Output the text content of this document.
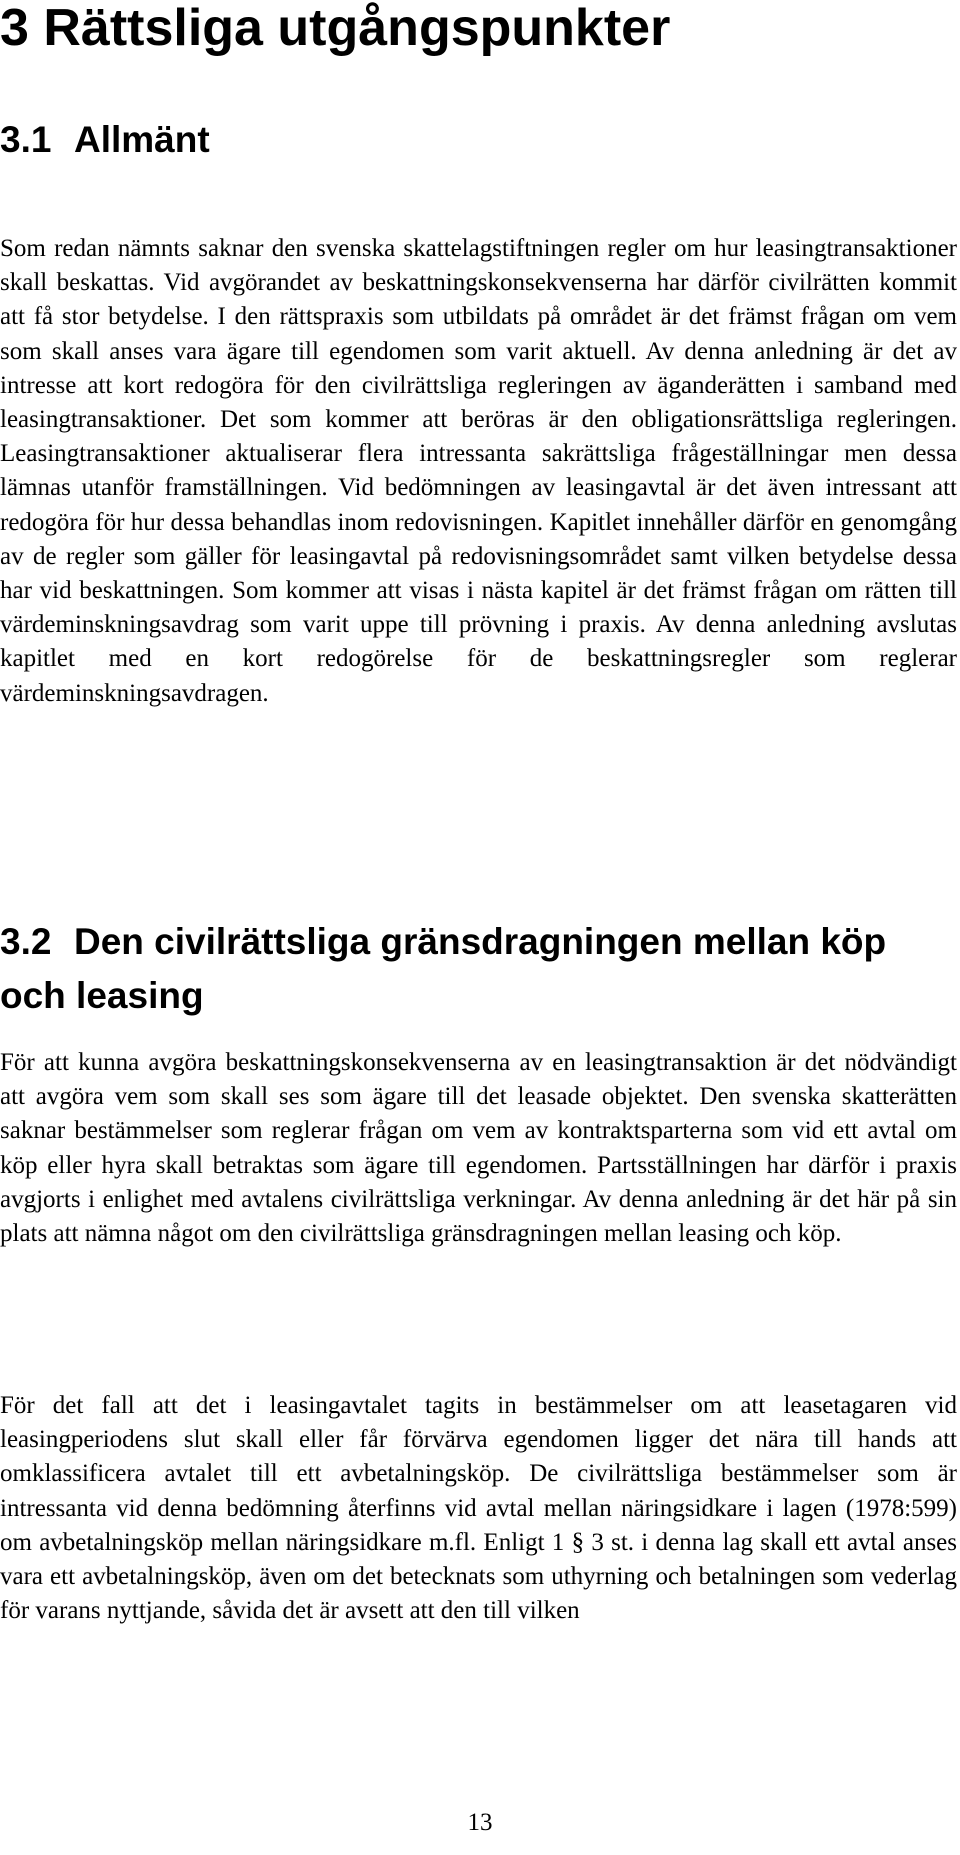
3 Rättsliga utgångspunkter
3.1 Allmänt

Som redan nämnts saknar den svenska skattelagstiftningen regler om hur leasingtransaktioner skall beskattas. Vid avgörandet av beskattningskonsekvenserna har därför civilrätten kommit att få stor betydelse. I den rättspraxis som utbildats på området är det främst frågan om vem som skall anses vara ägare till egendomen som varit aktuell. Av denna anledning är det av intresse att kort redogöra för den civilrättsliga regleringen av äganderätten i samband med leasingtransaktioner. Det som kommer att beröras är den obligationsrättsliga regleringen. Leasingtransaktioner aktualiserar flera intressanta sakrättsliga frågeställningar men dessa lämnas utanför framställningen. Vid bedömningen av leasingavtal är det även intressant att redogöra för hur dessa behandlas inom redovisningen. Kapitlet innehåller därför en genomgång av de regler som gäller för leasingavtal på redovisningsområdet samt vilken betydelse dessa har vid beskattningen. Som kommer att visas i nästa kapitel är det främst frågan om rätten till värdeminskningsavdrag som varit uppe till prövning i praxis. Av denna anledning avslutas kapitlet med en kort redogörelse för de beskattningsregler som reglerar värdeminskningsavdragen.

3.2 Den civilrättsliga gränsdragningen mellan köp och leasing

För att kunna avgöra beskattningskonsekvenserna av en leasingtransaktion är det nödvändigt att avgöra vem som skall ses som ägare till det leasade objektet. Den svenska skatterätten saknar bestämmelser som reglerar frågan om vem av kontraktsparterna som vid ett avtal om köp eller hyra skall betraktas som ägare till egendomen. Partsställningen har därför i praxis avgjorts i enlighet med avtalens civilrättsliga verkningar. Av denna anledning är det här på sin plats att nämna något om den civilrättsliga gränsdragningen mellan leasing och köp.

För det fall att det i leasingavtalet tagits in bestämmelser om att leasetagaren vid leasingperiodens slut skall eller får förvärva egendomen ligger det nära till hands att omklassificera avtalet till ett avbetalningsköp. De civilrättsliga bestämmelser som är intressanta vid denna bedömning återfinns vid avtal mellan näringsidkare i lagen (1978:599) om avbetalningsköp mellan näringsidkare m.fl. Enligt 1 § 3 st. i denna lag skall ett avtal anses vara ett avbetalningsköp, även om det betecknats som uthyrning och betalningen som vederlag för varans nyttjande, såvida det är avsett att den till vilken

13
